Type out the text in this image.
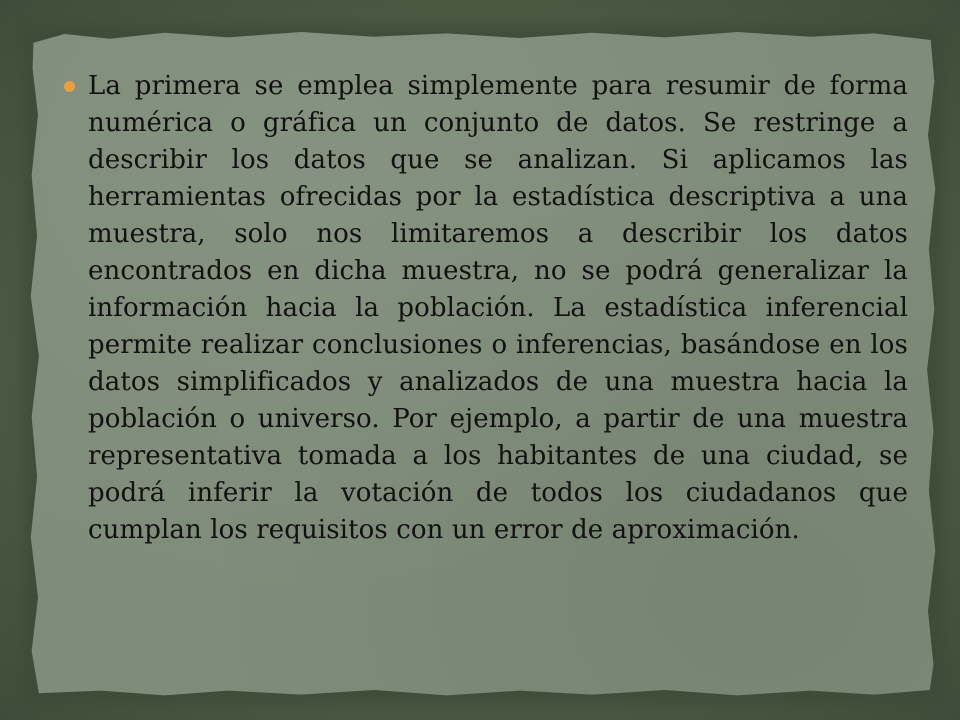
La primera se emplea simplemente para resumir de forma numérica o gráfica un conjunto de datos. Se restringe a describir los datos que se analizan. Si aplicamos las herramientas ofrecidas por la estadística descriptiva a una muestra, solo nos limitaremos a describir los datos encontrados en dicha muestra, no se podrá generalizar la información hacia la población. La estadística inferencial permite realizar conclusiones o inferencias, basándose en los datos simplificados y analizados de una muestra hacia la población o universo. Por ejemplo, a partir de una muestra representativa tomada a los habitantes de una ciudad, se podrá inferir la votación de todos los ciudadanos que cumplan los requisitos con un error de aproximación.
